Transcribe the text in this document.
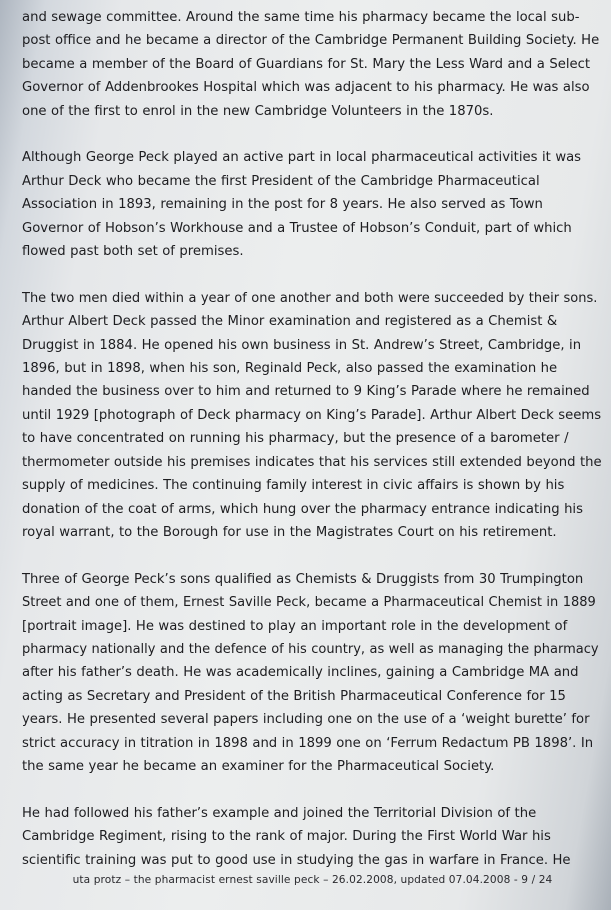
and sewage committee. Around the same time his pharmacy became the local sub-
post office and he became a director of the Cambridge Permanent Building Society. He
became a member of the Board of Guardians for St. Mary the Less Ward and a Select
Governor of Addenbrookes Hospital which was adjacent to his pharmacy. He was also
one of the first to enrol in the new Cambridge Volunteers in the 1870s.

Although George Peck played an active part in local pharmaceutical activities it was
Arthur Deck who became the first President of the Cambridge Pharmaceutical
Association in 1893, remaining in the post for 8 years. He also served as Town
Governor of Hobson’s Workhouse and a Trustee of Hobson’s Conduit, part of which
flowed past both set of premises.

The two men died within a year of one another and both were succeeded by their sons.
Arthur Albert Deck passed the Minor examination and registered as a Chemist &
Druggist in 1884. He opened his own business in St. Andrew’s Street, Cambridge, in
1896, but in 1898, when his son, Reginald Peck, also passed the examination he
handed the business over to him and returned to 9 King’s Parade where he remained
until 1929 [photograph of Deck pharmacy on King’s Parade]. Arthur Albert Deck seems
to have concentrated on running his pharmacy, but the presence of a barometer /
thermometer outside his premises indicates that his services still extended beyond the
supply of medicines. The continuing family interest in civic affairs is shown by his
donation of the coat of arms, which hung over the pharmacy entrance indicating his
royal warrant, to the Borough for use in the Magistrates Court on his retirement.

Three of George Peck’s sons qualified as Chemists & Druggists from 30 Trumpington
Street and one of them, Ernest Saville Peck, became a Pharmaceutical Chemist in 1889
[portrait image]. He was destined to play an important role in the development of
pharmacy nationally and the defence of his country, as well as managing the pharmacy
after his father’s death. He was academically inclines, gaining a Cambridge MA and
acting as Secretary and President of the British Pharmaceutical Conference for 15
years. He presented several papers including one on the use of a ‘weight burette’ for
strict accuracy in titration in 1898 and in 1899 one on ‘Ferrum Redactum PB 1898’. In
the same year he became an examiner for the Pharmaceutical Society.

He had followed his father’s example and joined the Territorial Division of the
Cambridge Regiment, rising to the rank of major. During the First World War his
scientific training was put to good use in studying the gas in warfare in France. He

uta protz – the pharmacist ernest saville peck – 26.02.2008, updated 07.04.2008 - 9 / 24
